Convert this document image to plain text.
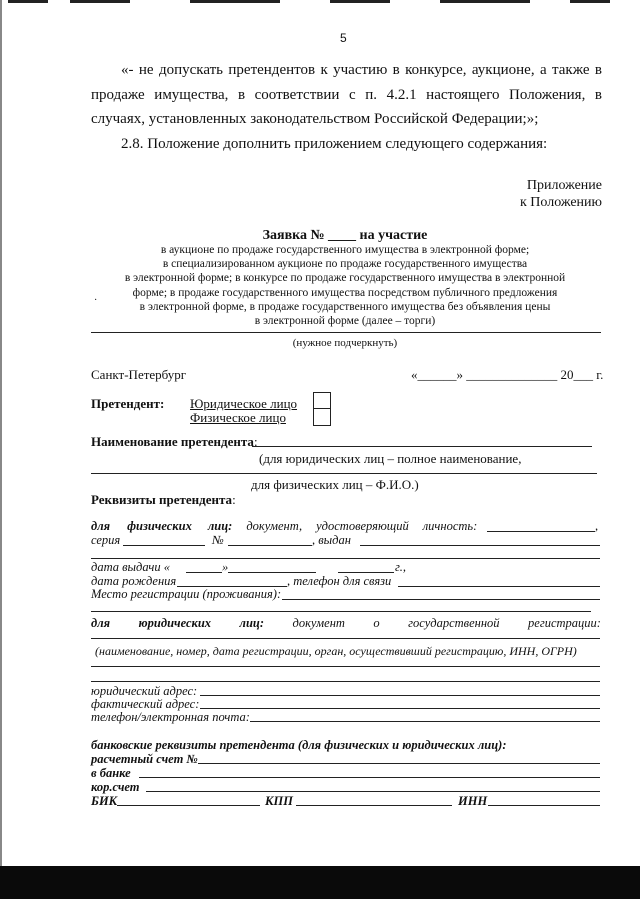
5
«- не допускать претендентов к участию в конкурсе, аукционе, а также в
продаже имущества, в соответствии с п. 4.2.1 настоящего Положения, в
случаях, установленных законодательством Российской Федерации;»;
2.8. Положение дополнить приложением следующего содержания:
Приложение
к Положению
Заявка № ____ на участие
в аукционе по продаже государственного имущества в электронной форме;
в специализированном аукционе по продаже государственного имущества
в электронной форме; в конкурсе по продаже государственного имущества в электронной
форме; в продаже государственного имущества посредством публичного предложения
в электронной форме, в продаже государственного имущества без объявления цены
в электронной форме (далее – торги)
(нужное подчеркнуть)
Санкт-Петербург	«______» ______________ 20___ г.
Претендент: Юридическое лицо
Физическое лицо
Наименование претендента:
(для юридических лиц – полное наименование,
для физических лиц – Ф.И.О.)
Реквизиты претендента:
для физических лиц: документ, удостоверяющий личность:	,
серия	№	, выдан
дата выдачи «	»	г.,
дата рождения	, телефон для связи
Место регистрации (проживания):
для юридических лиц: документ о государственной регистрации:
(наименование, номер, дата регистрации, орган, осуществивший регистрацию, ИНН, ОГРН)
юридический адрес:
фактический адрес:
телефон/электронная почта:
банковские реквизиты претендента (для физических и юридических лиц):
расчетный счет №
в банке
кор.счет
БИК	КПП	ИНН
·
